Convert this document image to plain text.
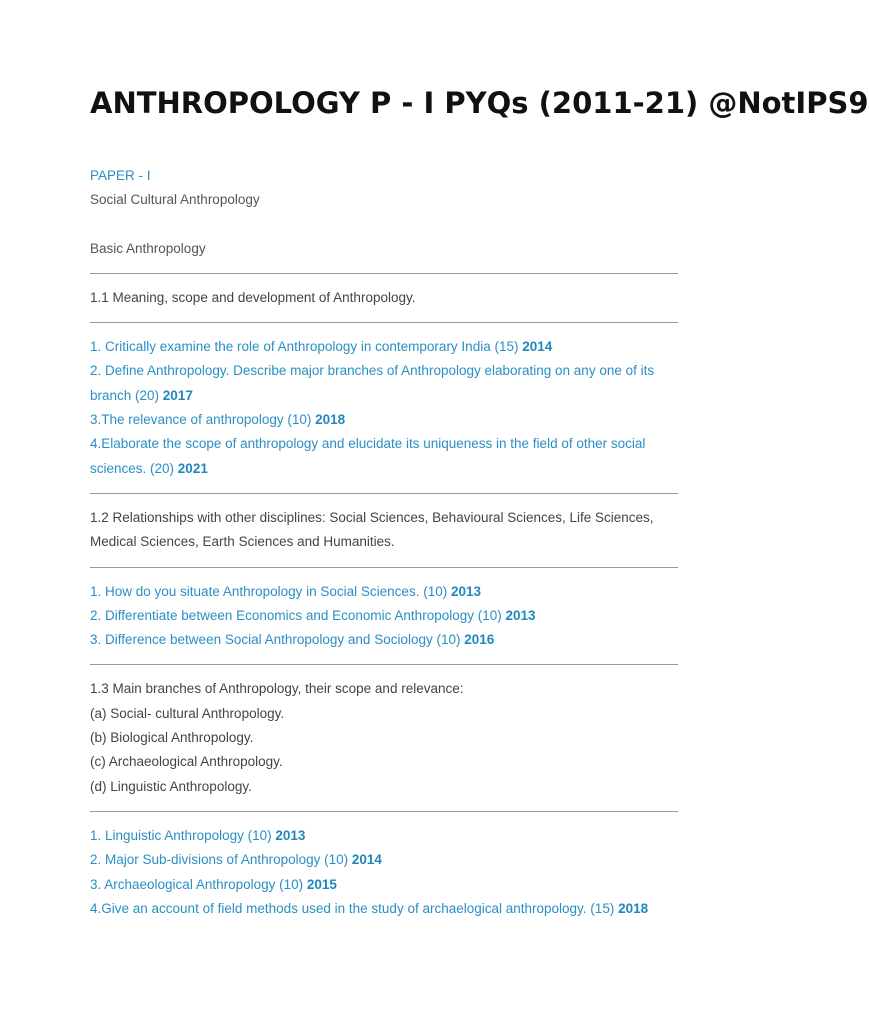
ANTHROPOLOGY P - I PYQs (2011-21) @NotIPS9

PAPER - I

Social Cultural Anthropology

Basic Anthropology

1.1 Meaning, scope and development of Anthropology.

1. Critically examine the role of Anthropology in contemporary India (15) 2014

2. Define Anthropology. Describe major branches of Anthropology elaborating on any one of its branch (20) 2017

3.The relevance of anthropology (10) 2018

4.Elaborate the scope of anthropology and elucidate its uniqueness in the field of other social sciences. (20) 2021

1.2 Relationships with other disciplines: Social Sciences, Behavioural Sciences, Life Sciences, Medical Sciences, Earth Sciences and Humanities.

1. How do you situate Anthropology in Social Sciences. (10) 2013

2. Differentiate between Economics and Economic Anthropology (10) 2013

3. Difference between Social Anthropology and Sociology (10) 2016

1.3 Main branches of Anthropology, their scope and relevance:

(a) Social- cultural Anthropology.

(b) Biological Anthropology.

(c) Archaeological Anthropology.

(d) Linguistic Anthropology.

1. Linguistic Anthropology (10) 2013

2. Major Sub-divisions of Anthropology (10) 2014

3. Archaeological Anthropology (10) 2015

4.Give an account of field methods used in the study of archaelogical anthropology. (15) 2018
